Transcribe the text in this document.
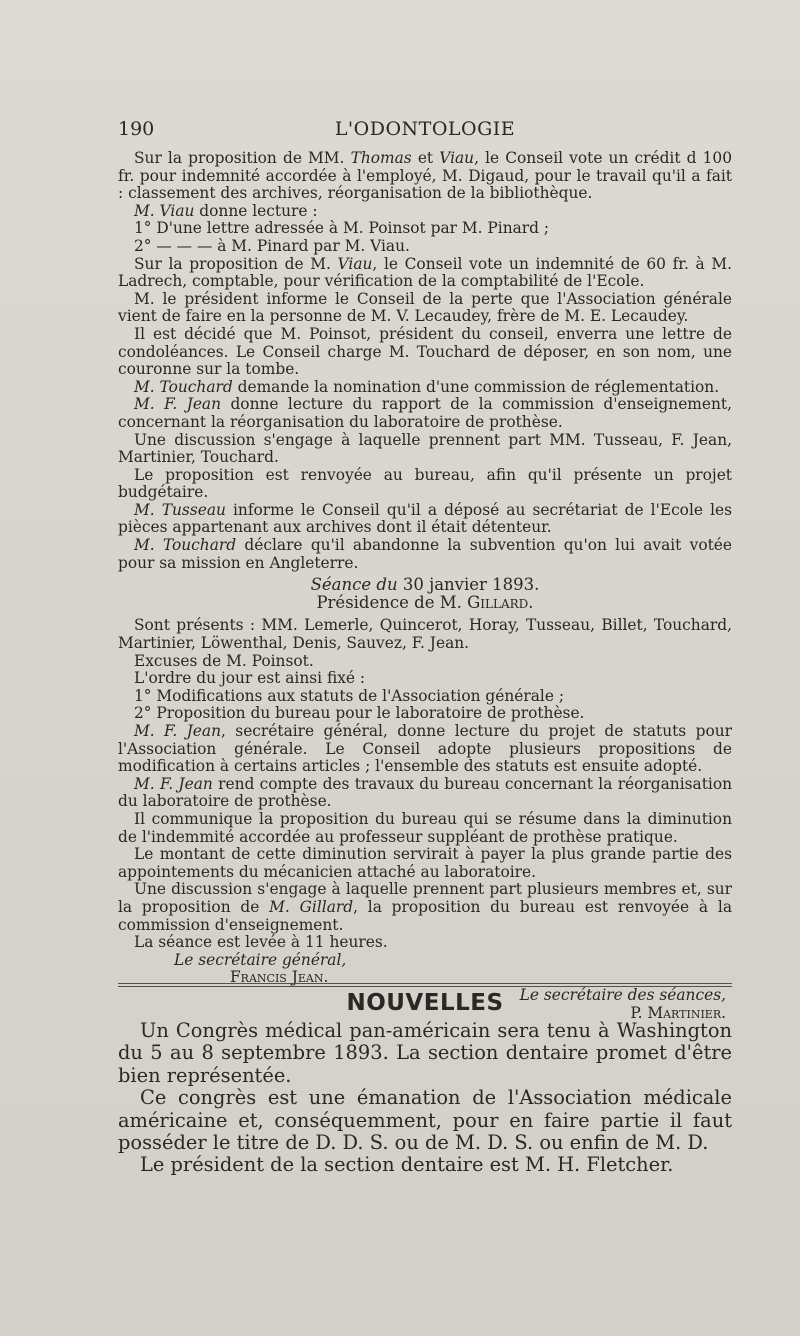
190	L'ODONTOLOGIE

Sur la proposition de MM. Thomas et Viau, le Conseil vote un crédit d 100 fr. pour indemnité accordée à l'employé, M. Digaud, pour le travail qu'il a fait : classement des archives, réorganisation de la bibliothèque.

M. Viau donne lecture :

1° D'une lettre adressée à M. Poinsot par M. Pinard ;

2° — — — à M. Pinard par M. Viau.

Sur la proposition de M. Viau, le Conseil vote un indemnité de 60 fr. à M. Ladrech, comptable, pour vérification de la comptabilité de l'Ecole.

M. le président informe le Conseil de la perte que l'Association générale vient de faire en la personne de M. V. Lecaudey, frère de M. E. Lecaudey.

Il est décidé que M. Poinsot, président du conseil, enverra une lettre de condoléances. Le Conseil charge M. Touchard de déposer, en son nom, une couronne sur la tombe.

M. Touchard demande la nomination d'une commission de réglementation.

M. F. Jean donne lecture du rapport de la commission d'enseignement, concernant la réorganisation du laboratoire de prothèse.

Une discussion s'engage à laquelle prennent part MM. Tusseau, F. Jean, Martinier, Touchard.

Le proposition est renvoyée au bureau, afin qu'il présente un projet budgétaire.

M. Tusseau informe le Conseil qu'il a déposé au secrétariat de l'Ecole les pièces appartenant aux archives dont il était détenteur.

M. Touchard déclare qu'il abandonne la subvention qu'on lui avait votée pour sa mission en Angleterre.

Séance du 30 janvier 1893.

Présidence de M. Gillard.

Sont présents : MM. Lemerle, Quincerot, Horay, Tusseau, Billet, Touchard, Martinier, Löwenthal, Denis, Sauvez, F. Jean.

Excuses de M. Poinsot.

L'ordre du jour est ainsi fixé :

1° Modifications aux statuts de l'Association générale ;

2° Proposition du bureau pour le laboratoire de prothèse.

M. F. Jean, secrétaire général, donne lecture du projet de statuts pour l'Association générale. Le Conseil adopte plusieurs propositions de modification à certains articles ; l'ensemble des statuts est ensuite adopté.

M. F. Jean rend compte des travaux du bureau concernant la réorganisation du laboratoire de prothèse.

Il communique la proposition du bureau qui se résume dans la diminution de l'indemmité accordée au professeur suppléant de prothèse pratique.

Le montant de cette diminution servirait à payer la plus grande partie des appointements du mécanicien attaché au laboratoire.

Une discussion s'engage à laquelle prennent part plusieurs membres et, sur la proposition de M. Gillard, la proposition du bureau est renvoyée à la commission d'enseignement.

La séance est levée à 11 heures.

Le secrétaire général,

Francis Jean.

Le secrétaire des séances,
P. Martinier.
NOUVELLES

Un Congrès médical pan-américain sera tenu à Washington du 5 au 8 septembre 1893. La section dentaire promet d'être bien représentée.

Ce congrès est une émanation de l'Association médicale américaine et, conséquemment, pour en faire partie il faut posséder le titre de D. D. S. ou de M. D. S. ou enfin de M. D.

Le président de la section dentaire est M. H. Fletcher.
